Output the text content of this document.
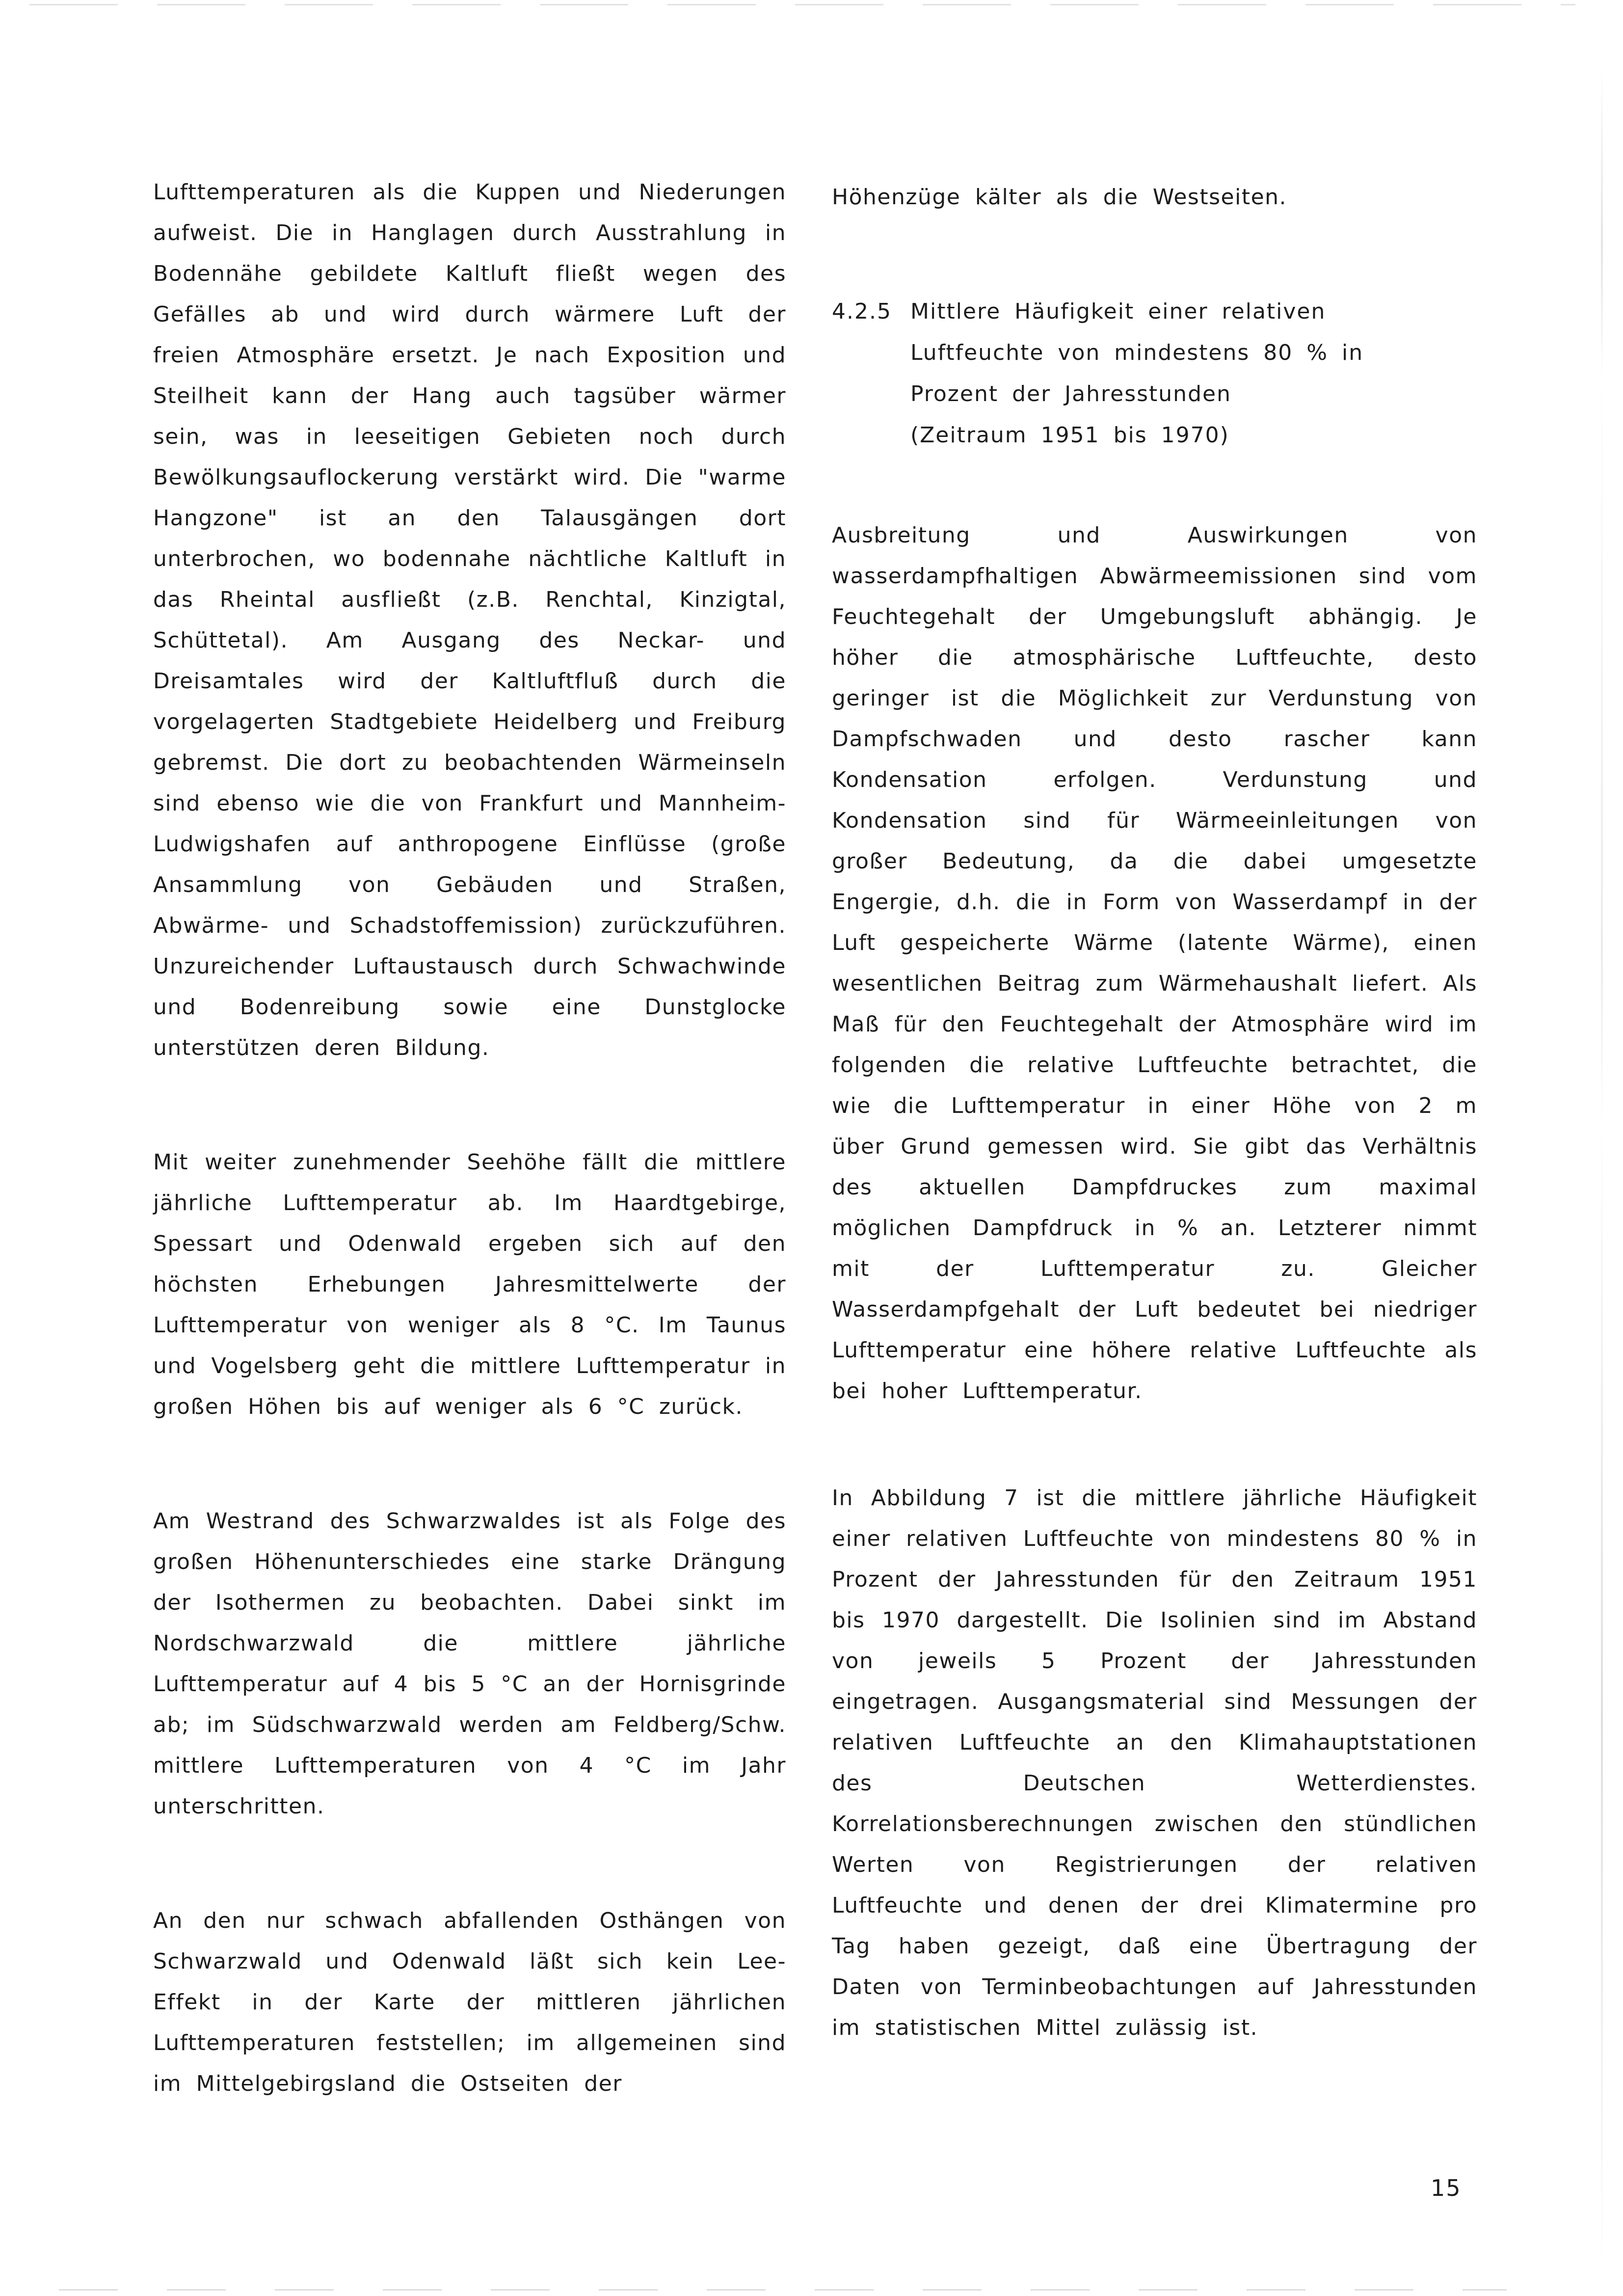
Lufttemperaturen als die Kuppen und Niederungen aufweist. Die in Hanglagen durch Ausstrahlung in Bodennähe gebildete Kaltluft fließt wegen des Gefälles ab und wird durch wärmere Luft der freien Atmosphäre ersetzt. Je nach Exposition und Steilheit kann der Hang auch tagsüber wärmer sein, was in leeseitigen Gebieten noch durch Bewölkungsauflockerung verstärkt wird. Die "warme Hangzone" ist an den Talausgängen dort unterbrochen, wo bodennahe nächtliche Kaltluft in das Rheintal ausfließt (z.B. Renchtal, Kinzigtal, Schüttetal). Am Ausgang des Neckar- und Dreisamtales wird der Kaltluftfluß durch die vorgelagerten Stadtgebiete Heidelberg und Freiburg gebremst. Die dort zu beobachtenden Wärmeinseln sind ebenso wie die von Frankfurt und Mannheim-Ludwigshafen auf anthropogene Einflüsse (große Ansammlung von Gebäuden und Straßen, Abwärme- und Schadstoffemission) zurückzuführen. Unzureichender Luftaustausch durch Schwachwinde und Bodenreibung sowie eine Dunstglocke unterstützen deren Bildung.

Mit weiter zunehmender Seehöhe fällt die mittlere jährliche Lufttemperatur ab. Im Haardtgebirge, Spessart und Odenwald ergeben sich auf den höchsten Erhebungen Jahresmittelwerte der Lufttemperatur von weniger als 8 °C. Im Taunus und Vogelsberg geht die mittlere Lufttemperatur in großen Höhen bis auf weniger als 6 °C zurück.

Am Westrand des Schwarzwaldes ist als Folge des großen Höhenunterschiedes eine starke Drängung der Isothermen zu beobachten. Dabei sinkt im Nordschwarzwald die mittlere jährliche Lufttemperatur auf 4 bis 5 °C an der Hornisgrinde ab; im Südschwarzwald werden am Feldberg/Schw. mittlere Lufttemperaturen von 4 °C im Jahr unterschritten.

An den nur schwach abfallenden Osthängen von Schwarzwald und Odenwald läßt sich kein Lee-Effekt in der Karte der mittleren jährlichen Lufttemperaturen feststellen; im allgemeinen sind im Mittelgebirgsland die Ostseiten der

Höhenzüge kälter als die Westseiten.

4.2.5 Mittlere Häufigkeit einer relativen
Luftfeuchte von mindestens 80 % in
Prozent der Jahresstunden
(Zeitraum 1951 bis 1970)

Ausbreitung und Auswirkungen von wasserdampfhaltigen Abwärmeemissionen sind vom Feuchtegehalt der Umgebungsluft abhängig. Je höher die atmosphärische Luftfeuchte, desto geringer ist die Möglichkeit zur Verdunstung von Dampfschwaden und desto rascher kann Kondensation erfolgen. Verdunstung und Kondensation sind für Wärmeeinleitungen von großer Bedeutung, da die dabei umgesetzte Engergie, d.h. die in Form von Wasserdampf in der Luft gespeicherte Wärme (latente Wärme), einen wesentlichen Beitrag zum Wärmehaushalt liefert. Als Maß für den Feuchtegehalt der Atmosphäre wird im folgenden die relative Luftfeuchte betrachtet, die wie die Lufttemperatur in einer Höhe von 2 m über Grund gemessen wird. Sie gibt das Verhältnis des aktuellen Dampfdruckes zum maximal möglichen Dampfdruck in % an. Letzterer nimmt mit der Lufttemperatur zu. Gleicher Wasserdampfgehalt der Luft bedeutet bei niedriger Lufttemperatur eine höhere relative Luftfeuchte als bei hoher Lufttemperatur.

In Abbildung 7 ist die mittlere jährliche Häufigkeit einer relativen Luftfeuchte von mindestens 80 % in Prozent der Jahresstunden für den Zeitraum 1951 bis 1970 dargestellt. Die Isolinien sind im Abstand von jeweils 5 Prozent der Jahresstunden eingetragen. Ausgangsmaterial sind Messungen der relativen Luftfeuchte an den Klimahauptstationen des Deutschen Wetterdienstes. Korrelationsberechnungen zwischen den stündlichen Werten von Registrierungen der relativen Luftfeuchte und denen der drei Klimatermine pro Tag haben gezeigt, daß eine Übertragung der Daten von Terminbeobachtungen auf Jahresstunden im statistischen Mittel zulässig ist.

15
